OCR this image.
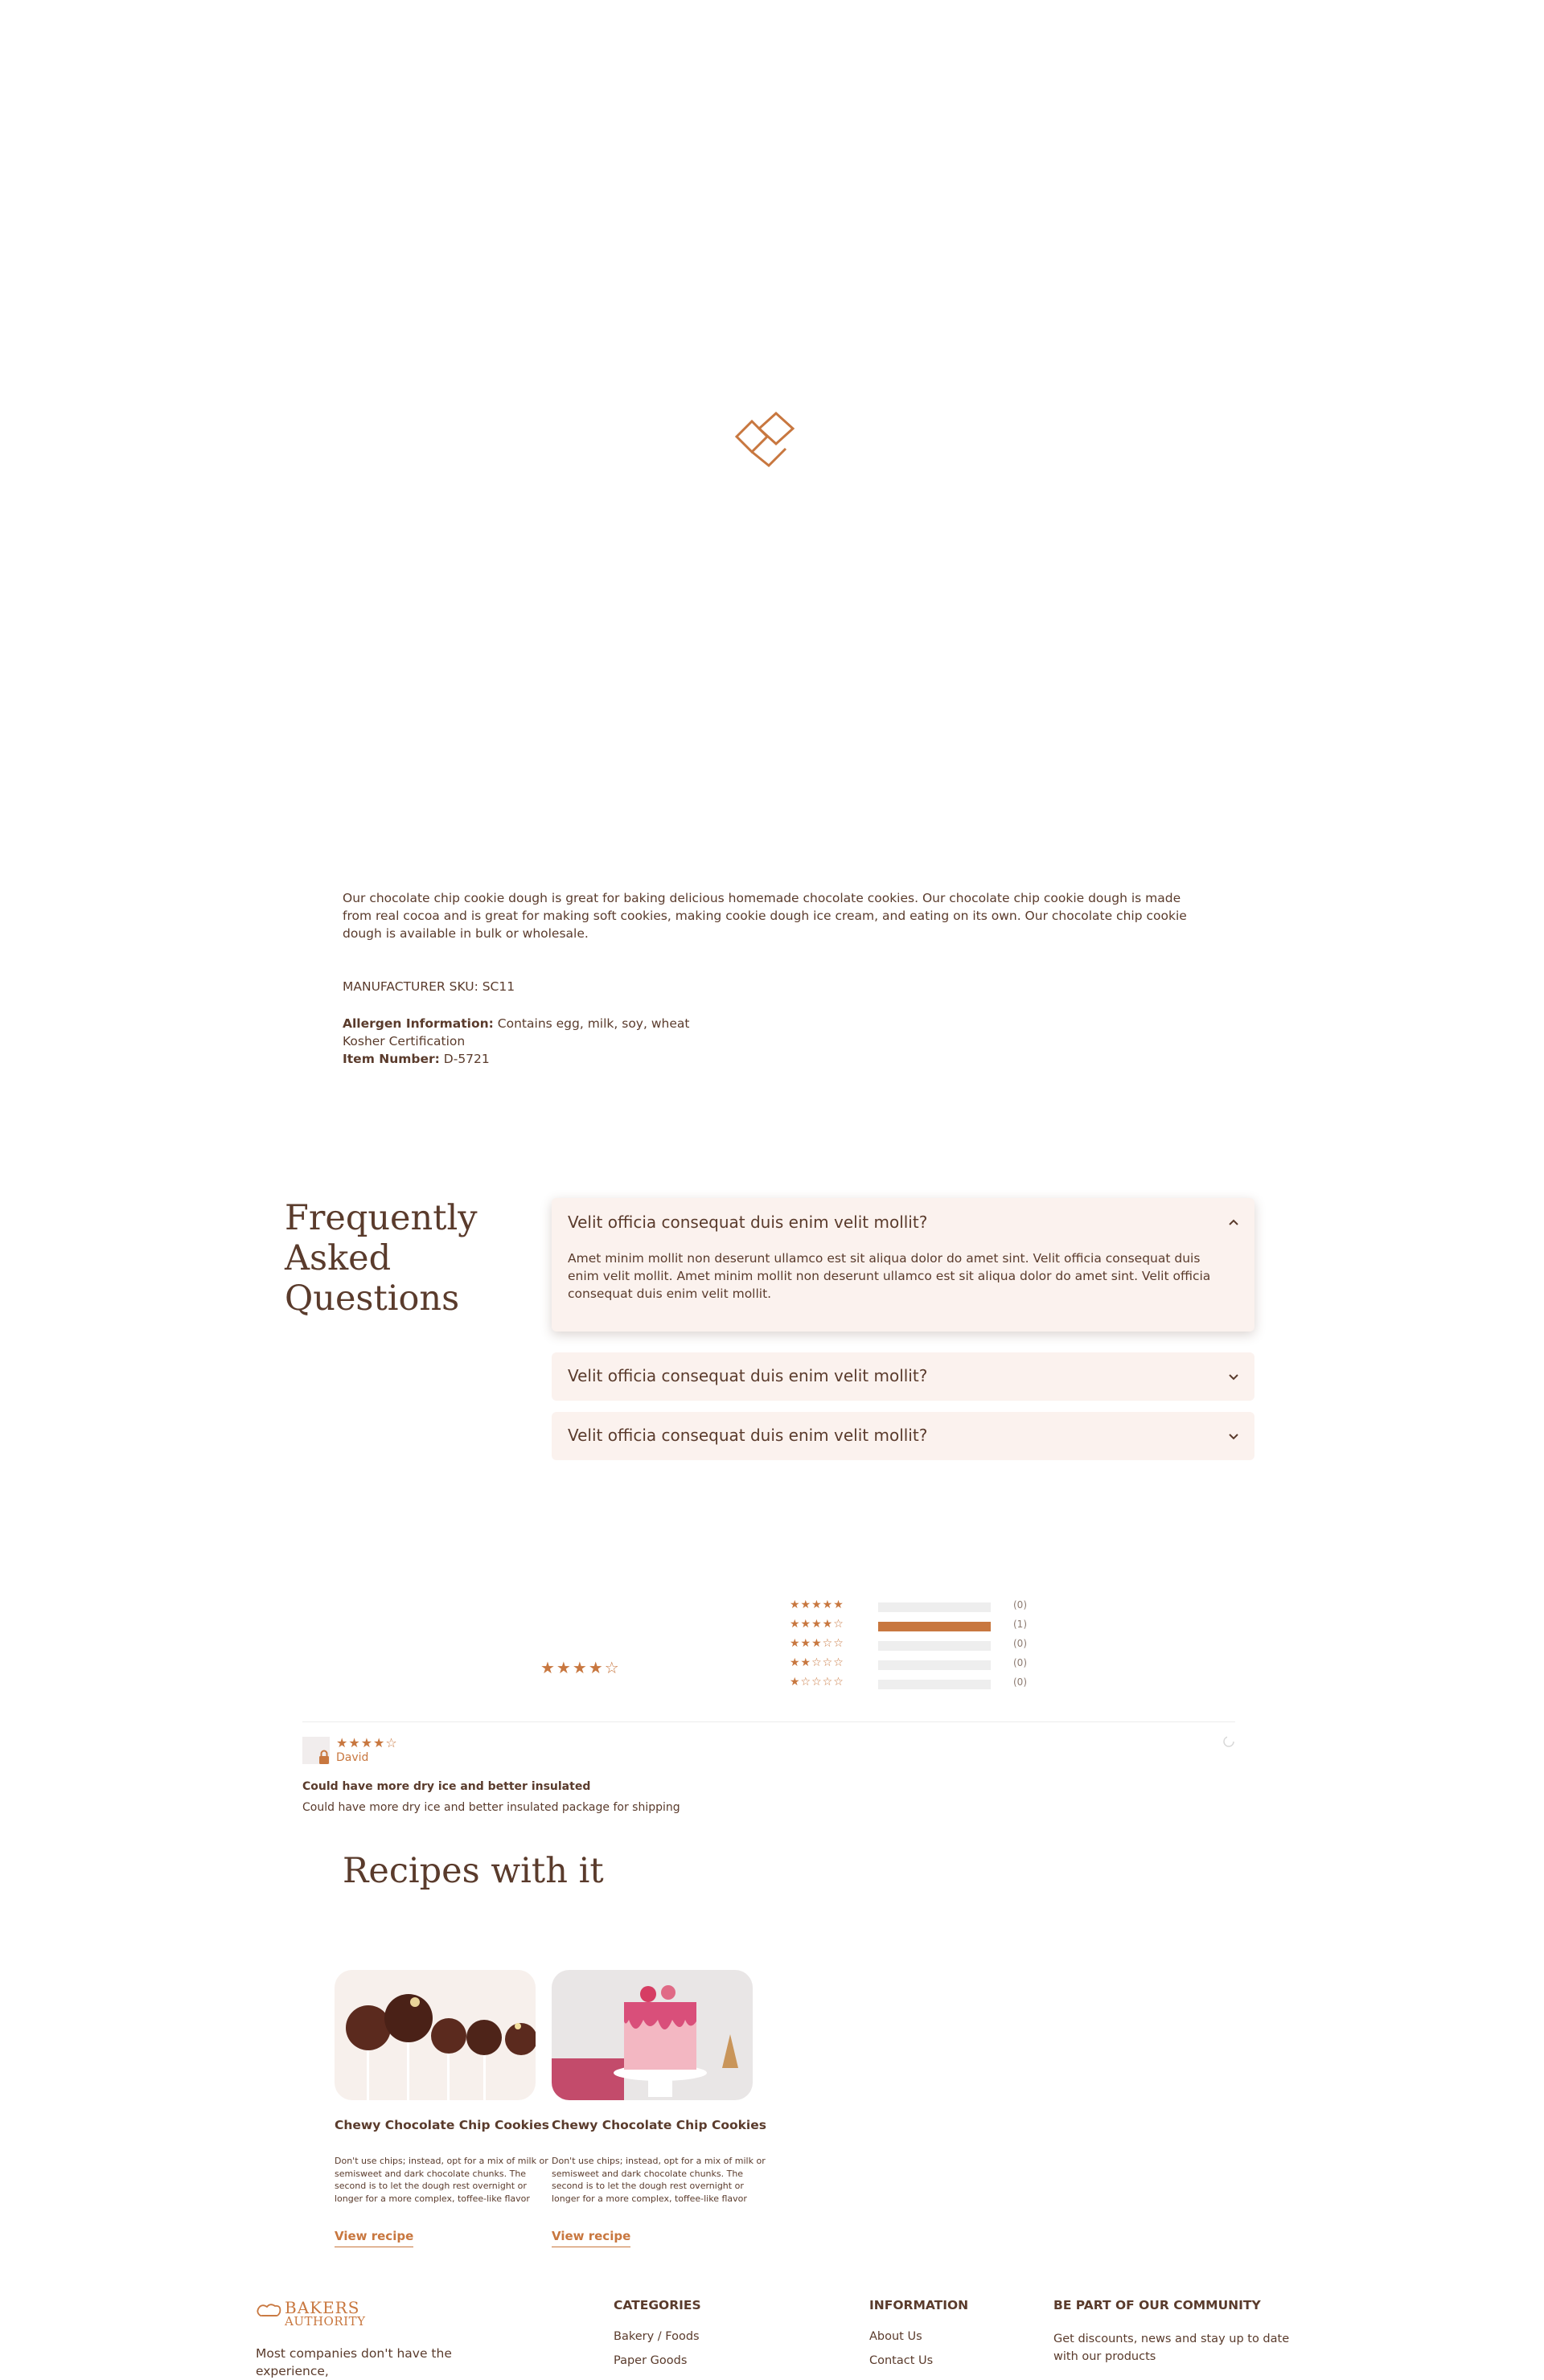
Our chocolate chip cookie dough is great for baking delicious homemade chocolate cookies. Our chocolate chip cookie dough is made from real cocoa and is great for making soft cookies, making cookie dough ice cream, and eating on its own. Our chocolate chip cookie dough is available in bulk or wholesale.
MANUFACTURER SKU: SC11
Allergen Information: Contains egg, milk, soy, wheat
Kosher Certification
Item Number: D-5721
Frequently Asked Questions
Velit officia consequat duis enim velit mollit?
Amet minim mollit non deserunt ullamco est sit aliqua dolor do amet sint. Velit officia consequat duis enim velit mollit. Amet minim mollit non deserunt ullamco est sit aliqua dolor do amet sint. Velit officia consequat duis enim velit mollit.
Velit officia consequat duis enim velit mollit?
Velit officia consequat duis enim velit mollit?
★★★★☆
★★★★★	(0)
★★★★☆	(1)
★★★☆☆	(0)
★★☆☆☆	(0)
★☆☆☆☆	(0)
★★★★☆
David
Could have more dry ice and better insulated
Could have more dry ice and better insulated package for shipping
Recipes with it
Chewy Chocolate Chip Cookies
Don't use chips; instead, opt for a mix of milk or semisweet and dark chocolate chunks. The second is to let the dough rest overnight or longer for a more complex, toffee-like flavor
View recipe
Chewy Chocolate Chip Cookies
Don't use chips; instead, opt for a mix of milk or semisweet and dark chocolate chunks. The second is to let the dough rest overnight or longer for a more complex, toffee-like flavor
View recipe
BAKERS
AUTHORITY
Most companies don't have the experience,
CATEGORIES
Bakery / Foods
Paper Goods
INFORMATION
About Us
Contact Us
BE PART OF OUR COMMUNITY
Get discounts, news and stay up to date with our products
